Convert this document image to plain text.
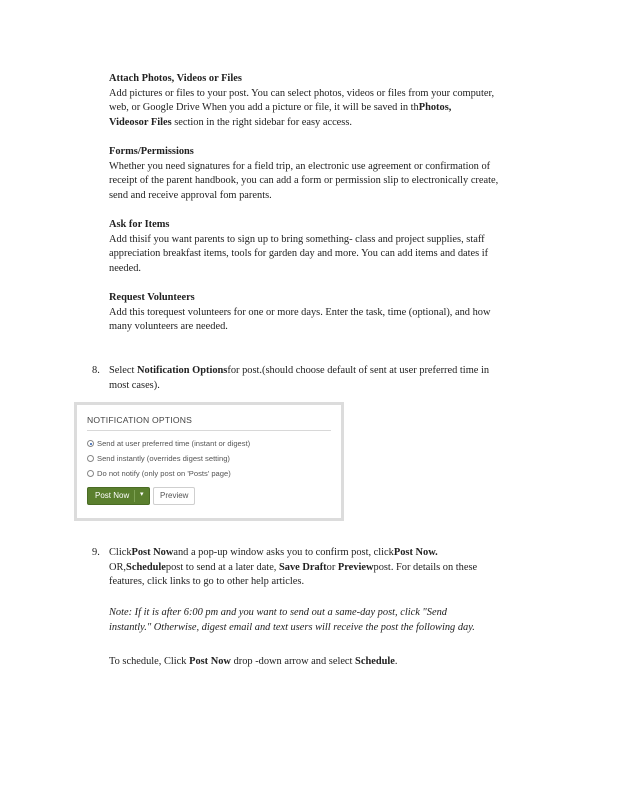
Attach Photos, Videos or Files
Add pictures or files to your post. You can select photos, videos or files from your computer,
web, or Google Drive When you add a picture or file, it will be saved in thPhotos,
Videosor Files section in the right sidebar for easy access.
Forms/Permissions
Whether you need signatures for a field trip, an electronic use agreement or confirmation of
receipt of the parent handbook, you can add a form or permission slip to electronically create,
send and receive approval fom parents.
Ask for Items
Add thisif you want parents to sign up to bring something- class and project supplies, staff
appreciation breakfast items, tools for garden day and more. You can add items and dates if
needed.
Request Volunteers
Add this torequest volunteers for one or more days. Enter the task, time (optional), and how
many volunteers are needed.
8. Select Notification Optionsfor post.(should choose default of sent at user preferred time in
most cases).
NOTIFICATION OPTIONS
Send at user preferred time (instant or digest)
Send instantly (overrides digest setting)
Do not notify (only post on 'Posts' page)
Post Now ▾ Preview
9. ClickPost Nowand a pop-up window asks you to confirm post, clickPost Now.
OR,Schedulepost to send at a later date, Save Draftor Previewpost. For details on these
features, click links to go to other help articles.
Note: If it is after 6:00 pm and you want to send out a same-day post, click "Send
instantly." Otherwise, digest email and text users will receive the post the following day.
To schedule, Click Post Now drop -down arrow and select Schedule.
